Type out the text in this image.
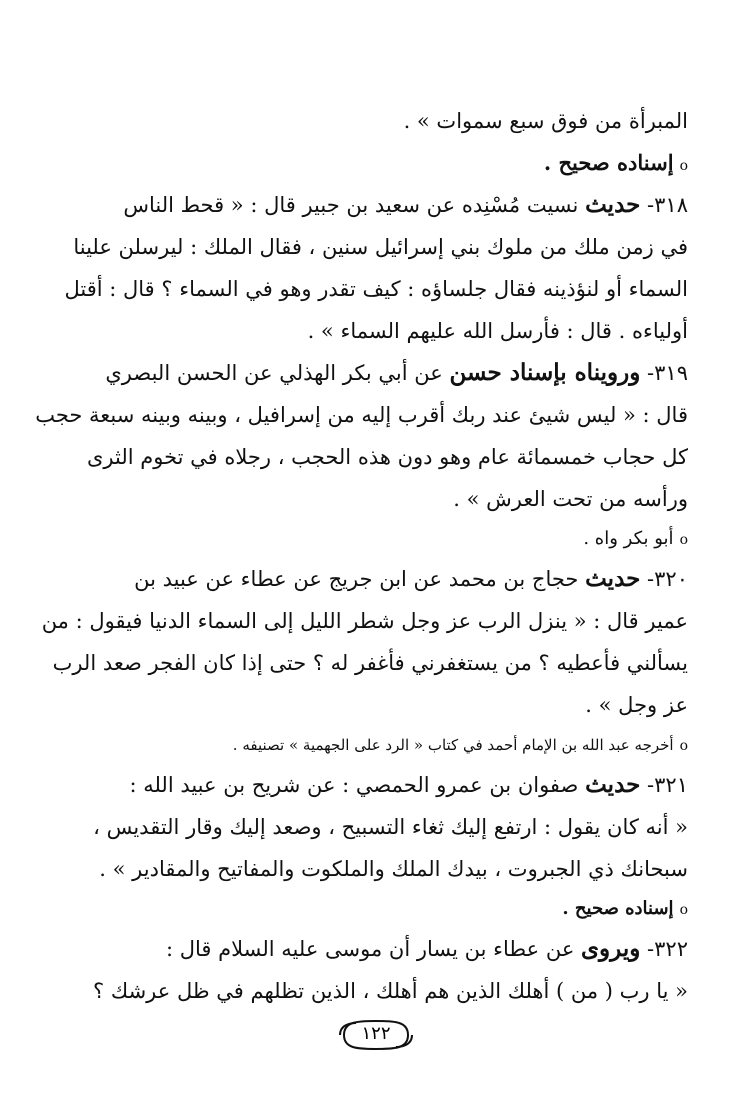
المبرأة من فوق سبع سموات » .
oإسناده صحيح .
٣١٨- حديث نسيت مُسْنِده عن سعيد بن جبير قال : « قحط الناس
في زمن ملك من ملوك بني إسرائيل سنين ، فقال الملك : ليرسلن علينا
السماء أو لنؤذينه فقال جلساؤه : كيف تقدر وهو في السماء ؟ قال : أقتل
أولياءه . قال : فأرسل الله عليهم السماء » .
٣١٩- ورويناه بإسناد حسن عن أبي بكر الهذلي عن الحسن البصري
قال : « ليس شيئ عند ربك أقرب إليه من إسرافيل ، وبينه وبينه سبعة حجب
كل حجاب خمسمائة عام وهو دون هذه الحجب ، رجلاه في تخوم الثرى
ورأسه من تحت العرش » .
oأبو بكر واه .
٣٢٠- حديث حجاج بن محمد عن ابن جريج عن عطاء عن عبيد بن
عمير قال : « ينزل الرب عز وجل شطر الليل إلى السماء الدنيا فيقول : من
يسألني فأعطيه ؟ من يستغفرني فأغفر له ؟ حتى إذا كان الفجر صعد الرب
عز وجل » .
oأخرجه عبد الله بن الإمام أحمد في كتاب « الرد على الجهمية » تصنيفه .
٣٢١- حديث صفوان بن عمرو الحمصي : عن شريح بن عبيد الله :
« أنه كان يقول : ارتفع إليك ثغاء التسبيح ، وصعد إليك وقار التقديس ،
سبحانك ذي الجبروت ، بيدك الملك والملكوت والمفاتيح والمقادير » .
oإسناده صحيح .
٣٢٢- ويروى عن عطاء بن يسار أن موسى عليه السلام قال :
« يا رب ( من ) أهلك الذين هم أهلك ، الذين تظلهم في ظل عرشك ؟
١٢٢
